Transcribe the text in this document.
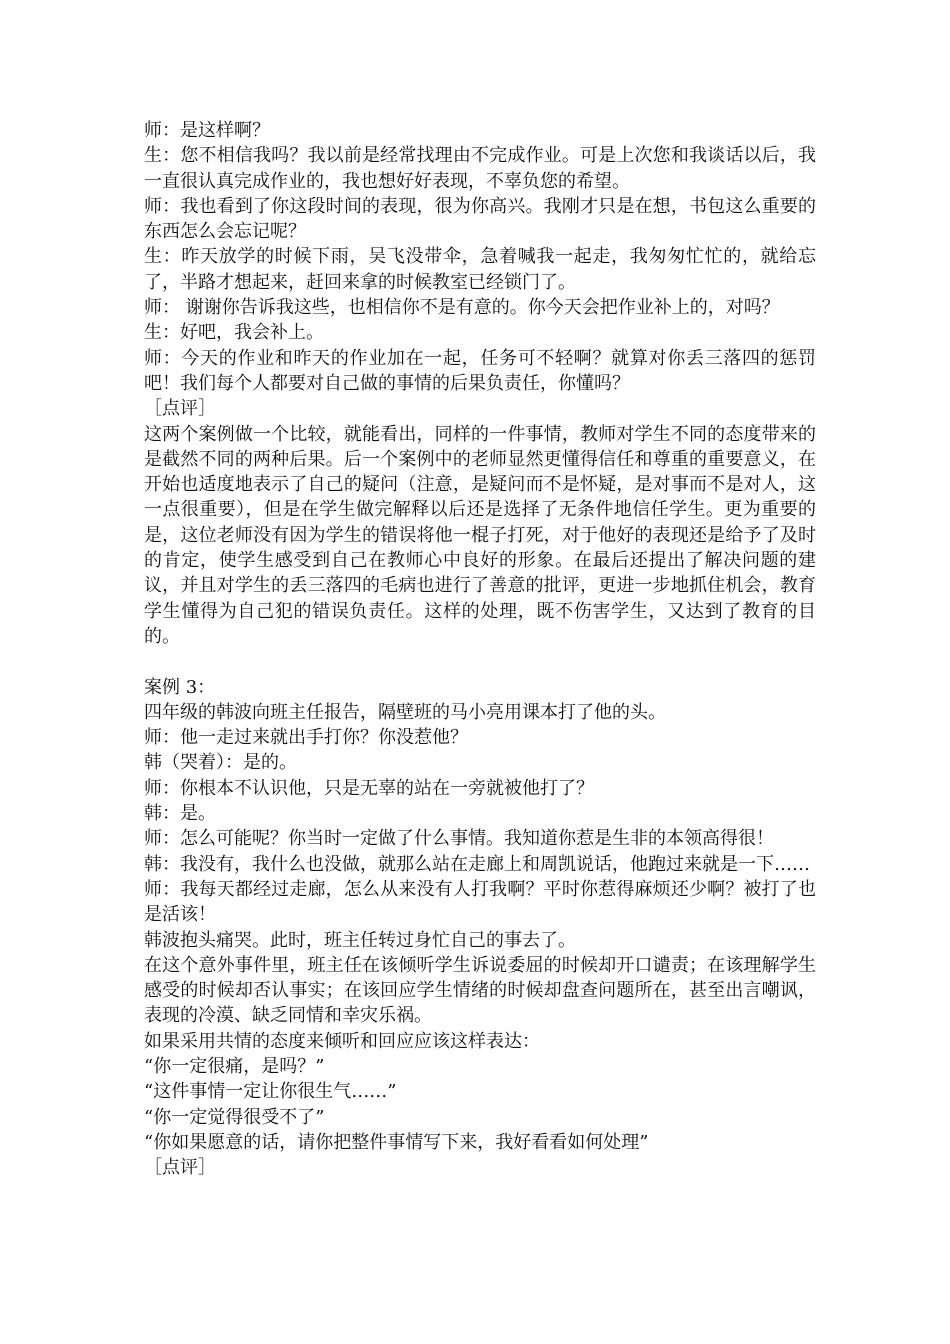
师：是这样啊？

生：您不相信我吗？我以前是经常找理由不完成作业。可是上次您和我谈话以后，我一直很认真完成作业的，我也想好好表现，不辜负您的希望。

师：我也看到了你这段时间的表现，很为你高兴。我刚才只是在想，书包这么重要的东西怎么会忘记呢？

生：昨天放学的时候下雨，吴飞没带伞，急着喊我一起走，我匆匆忙忙的，就给忘了，半路才想起来，赶回来拿的时候教室已经锁门了。

师： 谢谢你告诉我这些，也相信你不是有意的。你今天会把作业补上的，对吗？

生：好吧，我会补上。

师：今天的作业和昨天的作业加在一起，任务可不轻啊？就算对你丢三落四的惩罚吧！我们每个人都要对自己做的事情的后果负责任，你懂吗？

［点评］

这两个案例做一个比较，就能看出，同样的一件事情，教师对学生不同的态度带来的是截然不同的两种后果。后一个案例中的老师显然更懂得信任和尊重的重要意义，在开始也适度地表示了自己的疑问（注意，是疑问而不是怀疑，是对事而不是对人，这一点很重要），但是在学生做完解释以后还是选择了无条件地信任学生。更为重要的是，这位老师没有因为学生的错误将他一棍子打死，对于他好的表现还是给予了及时的肯定，使学生感受到自己在教师心中良好的形象。在最后还提出了解决问题的建议，并且对学生的丢三落四的毛病也进行了善意的批评，更进一步地抓住机会，教育学生懂得为自己犯的错误负责任。这样的处理，既不伤害学生，又达到了教育的目的。

案例 3：

四年级的韩波向班主任报告，隔壁班的马小亮用课本打了他的头。

师：他一走过来就出手打你？你没惹他？

韩（哭着）：是的。

师：你根本不认识他，只是无辜的站在一旁就被他打了？

韩：是。

师：怎么可能呢？你当时一定做了什么事情。我知道你惹是生非的本领高得很！

韩：我没有，我什么也没做，就那么站在走廊上和周凯说话，他跑过来就是一下……

师：我每天都经过走廊，怎么从来没有人打我啊？平时你惹得麻烦还少啊？被打了也是活该！

韩波抱头痛哭。此时，班主任转过身忙自己的事去了。

在这个意外事件里，班主任在该倾听学生诉说委屈的时候却开口谴责；在该理解学生感受的时候却否认事实；在该回应学生情绪的时候却盘查问题所在，甚至出言嘲讽，表现的冷漠、缺乏同情和幸灾乐祸。

如果采用共情的态度来倾听和回应应该这样表达：

“你一定很痛，是吗？”

“这件事情一定让你很生气……”

“你一定觉得很受不了”

“你如果愿意的话，请你把整件事情写下来，我好看看如何处理”

［点评］
